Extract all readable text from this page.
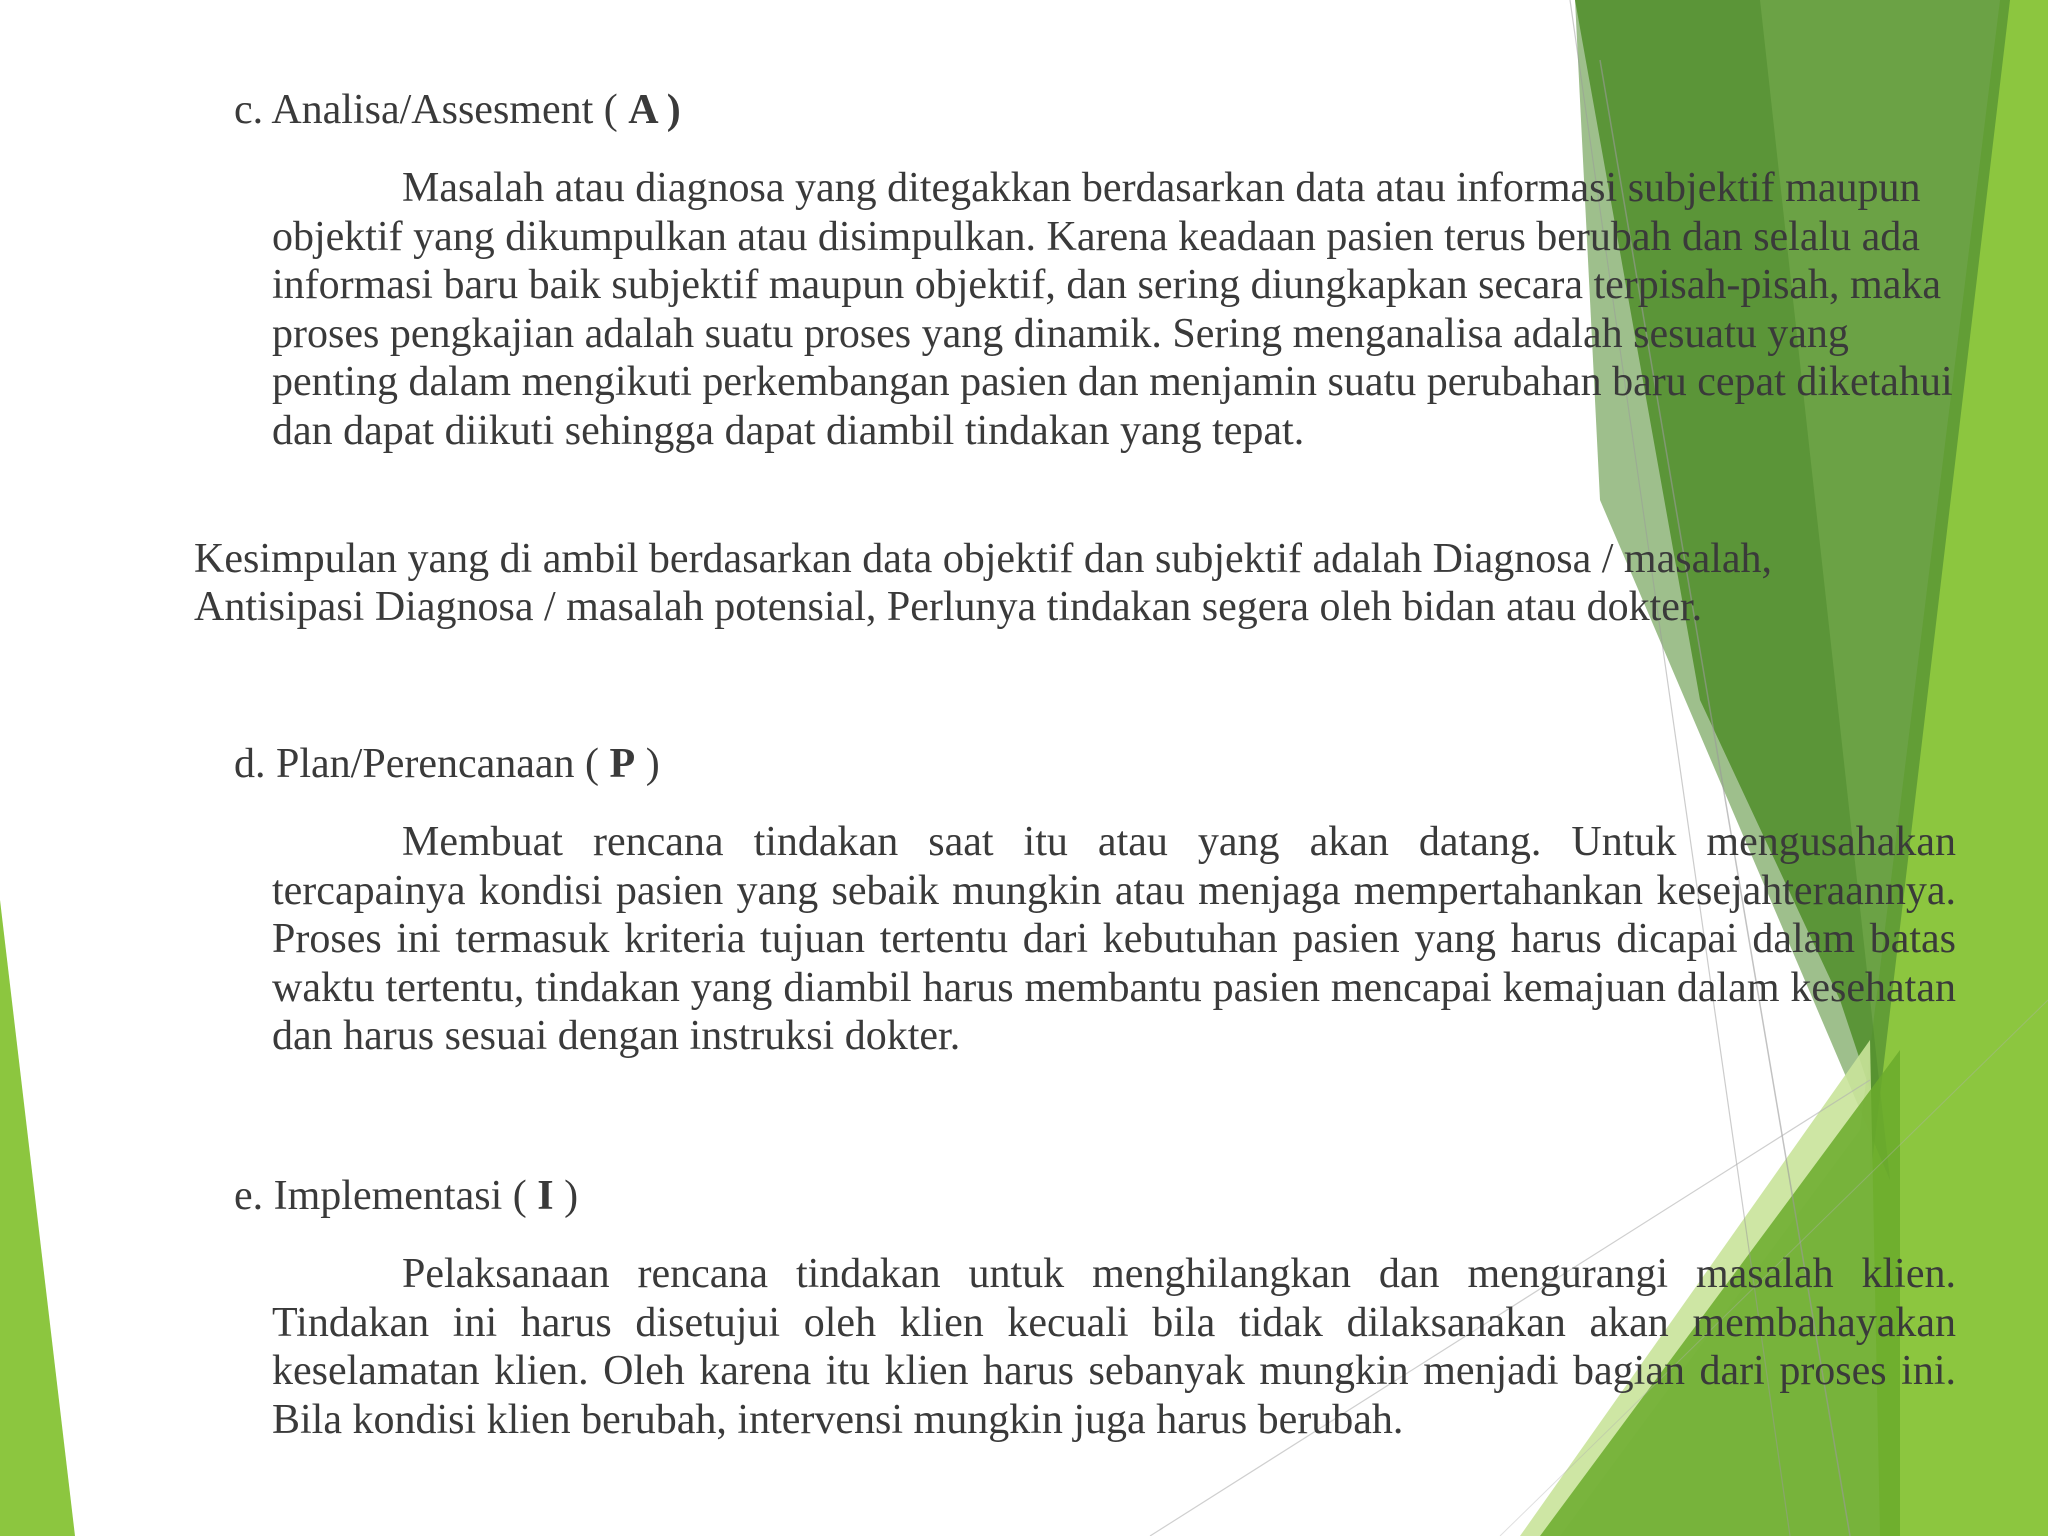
c. Analisa/Assesment ( A )

Masalah atau diagnosa yang ditegakkan berdasarkan data atau informasi subjektif maupun objektif yang dikumpulkan atau disimpulkan. Karena keadaan pasien terus berubah dan selalu ada informasi baru baik subjektif maupun objektif, dan sering diungkapkan secara terpisah-pisah, maka proses pengkajian adalah suatu proses yang dinamik. Sering menganalisa adalah sesuatu yang penting dalam mengikuti perkembangan pasien dan menjamin suatu perubahan baru cepat diketahui dan dapat diikuti sehingga dapat diambil tindakan yang tepat.

Kesimpulan yang di ambil berdasarkan data objektif dan subjektif adalah Diagnosa / masalah, Antisipasi Diagnosa / masalah potensial, Perlunya tindakan segera oleh bidan atau dokter.

d. Plan/Perencanaan ( P )

Membuat rencana tindakan saat itu atau yang akan datang. Untuk mengusahakan tercapainya kondisi pasien yang sebaik mungkin atau menjaga mempertahankan kesejahteraannya. Proses ini termasuk kriteria tujuan tertentu dari kebutuhan pasien yang harus dicapai dalam batas waktu tertentu, tindakan yang diambil harus membantu pasien mencapai kemajuan dalam kesehatan dan harus sesuai dengan instruksi dokter.

e. Implementasi ( I )

Pelaksanaan rencana tindakan untuk menghilangkan dan mengurangi masalah klien. Tindakan ini harus disetujui oleh klien kecuali bila tidak dilaksanakan akan membahayakan keselamatan klien. Oleh karena itu klien harus sebanyak mungkin menjadi bagian dari proses ini. Bila kondisi klien berubah, intervensi mungkin juga harus berubah.
